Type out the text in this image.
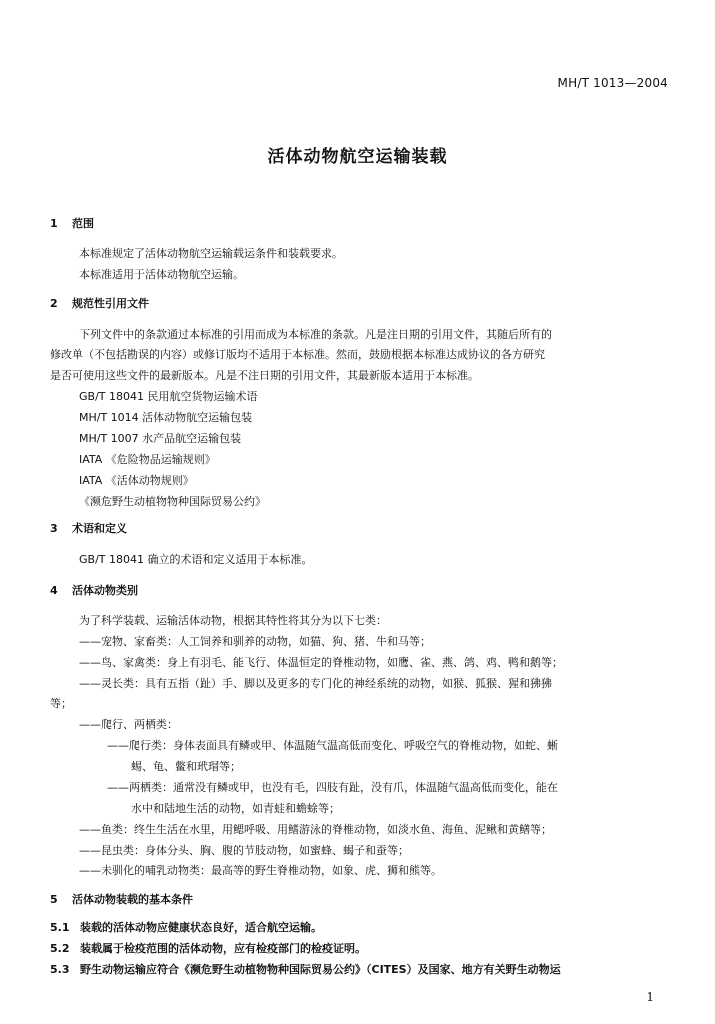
MH/T 1013—2004
活体动物航空运输装载
1 范围
本标准规定了活体动物航空运输载运条件和装载要求。
本标准适用于活体动物航空运输。
2 规范性引用文件
下列文件中的条款通过本标准的引用而成为本标准的条款。凡是注日期的引用文件，其随后所有的
修改单（不包括勘误的内容）或修订版均不适用于本标准。然而，鼓励根据本标准达成协议的各方研究
是否可使用这些文件的最新版本。凡是不注日期的引用文件，其最新版本适用于本标准。
GB/T 18041 民用航空货物运输术语
MH/T 1014 活体动物航空运输包装
MH/T 1007 水产品航空运输包装
IATA 《危险物品运输规则》
IATA 《活体动物规则》
《濒危野生动植物物种国际贸易公约》
3 术语和定义
GB/T 18041 确立的术语和定义适用于本标准。
4 活体动物类别
为了科学装载、运输活体动物，根据其特性将其分为以下七类：
——宠物、家畜类：人工饲养和驯养的动物，如猫、狗、猪、牛和马等；
——鸟、家禽类：身上有羽毛、能飞行、体温恒定的脊椎动物，如鹰、雀、燕、鸽、鸡、鸭和鹅等；
——灵长类：具有五指（趾）手、脚以及更多的专门化的神经系统的动物，如猴、狐猴、猩和狒狒
等；
——爬行、两栖类：
——爬行类：身体表面具有鳞或甲、体温随气温高低而变化、呼吸空气的脊椎动物，如蛇、蜥
蜴、龟、鳖和玳瑁等；
——两栖类：通常没有鳞或甲，也没有毛，四肢有趾，没有爪，体温随气温高低而变化，能在
水中和陆地生活的动物，如青蛙和蟾蜍等；
——鱼类：终生生活在水里，用鳃呼吸、用鳍游泳的脊椎动物，如淡水鱼、海鱼、泥鳅和黄鳝等；
——昆虫类：身体分头、胸、腹的节肢动物，如蜜蜂、蝎子和蚕等；
——未驯化的哺乳动物类：最高等的野生脊椎动物，如象、虎、狮和熊等。
5 活体动物装载的基本条件
5.1 装载的活体动物应健康状态良好，适合航空运输。
5.2 装载属于检疫范围的活体动物，应有检疫部门的检疫证明。
5.3 野生动物运输应符合《濒危野生动植物物种国际贸易公约》（CITES）及国家、地方有关野生动物运
1
